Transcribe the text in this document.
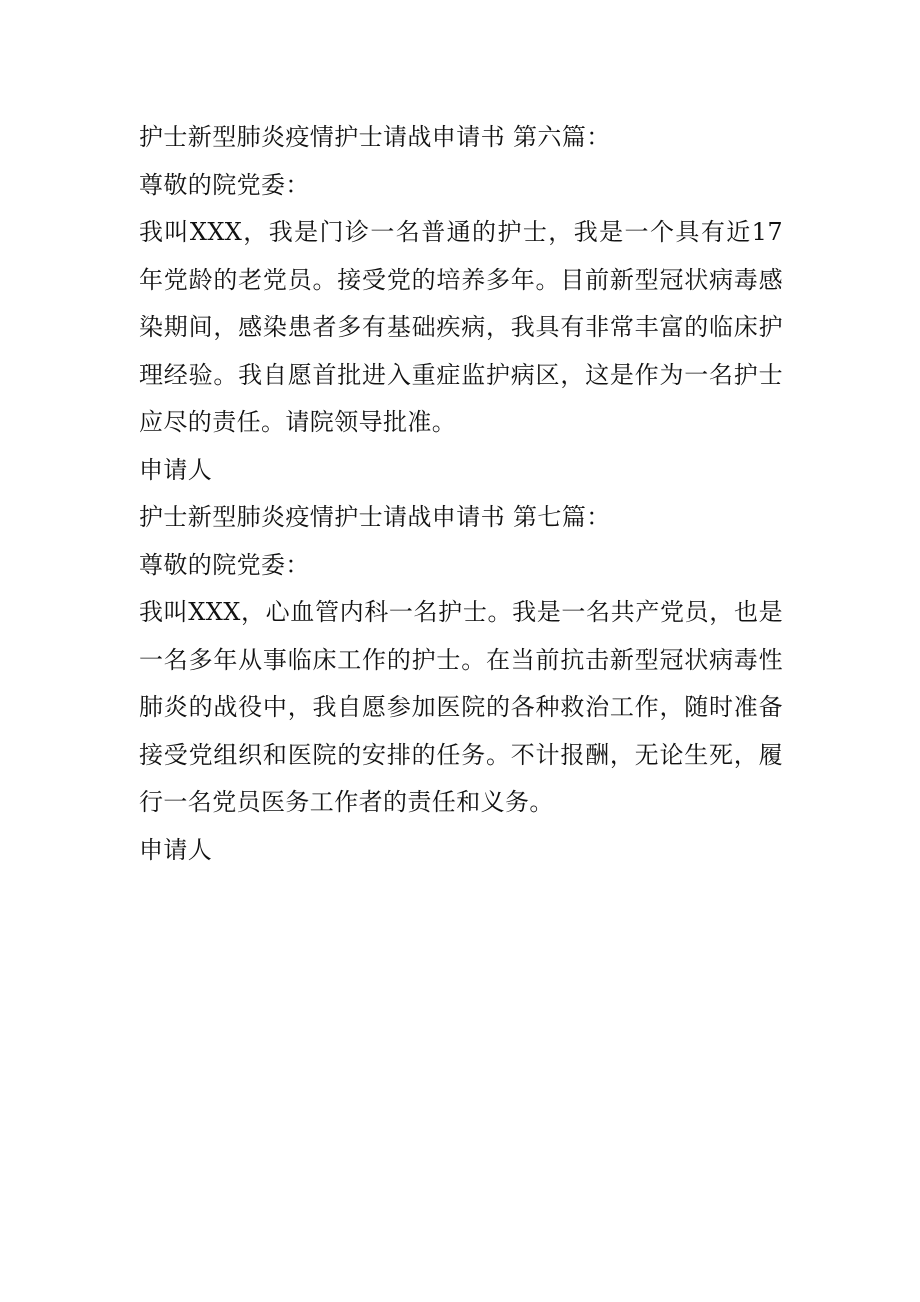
护士新型肺炎疫情护士请战申请书 第六篇：

尊敬的院党委：

我叫XXX，我是门诊一名普通的护士，我是一个具有近17年党龄的老党员。接受党的培养多年。目前新型冠状病毒感染期间，感染患者多有基础疾病，我具有非常丰富的临床护理经验。我自愿首批进入重症监护病区，这是作为一名护士应尽的责任。请院领导批准。

申请人

护士新型肺炎疫情护士请战申请书 第七篇：

尊敬的院党委：

我叫XXX，心血管内科一名护士。我是一名共产党员，也是一名多年从事临床工作的护士。在当前抗击新型冠状病毒性肺炎的战役中，我自愿参加医院的各种救治工作，随时准备接受党组织和医院的安排的任务。不计报酬，无论生死，履行一名党员医务工作者的责任和义务。

申请人
